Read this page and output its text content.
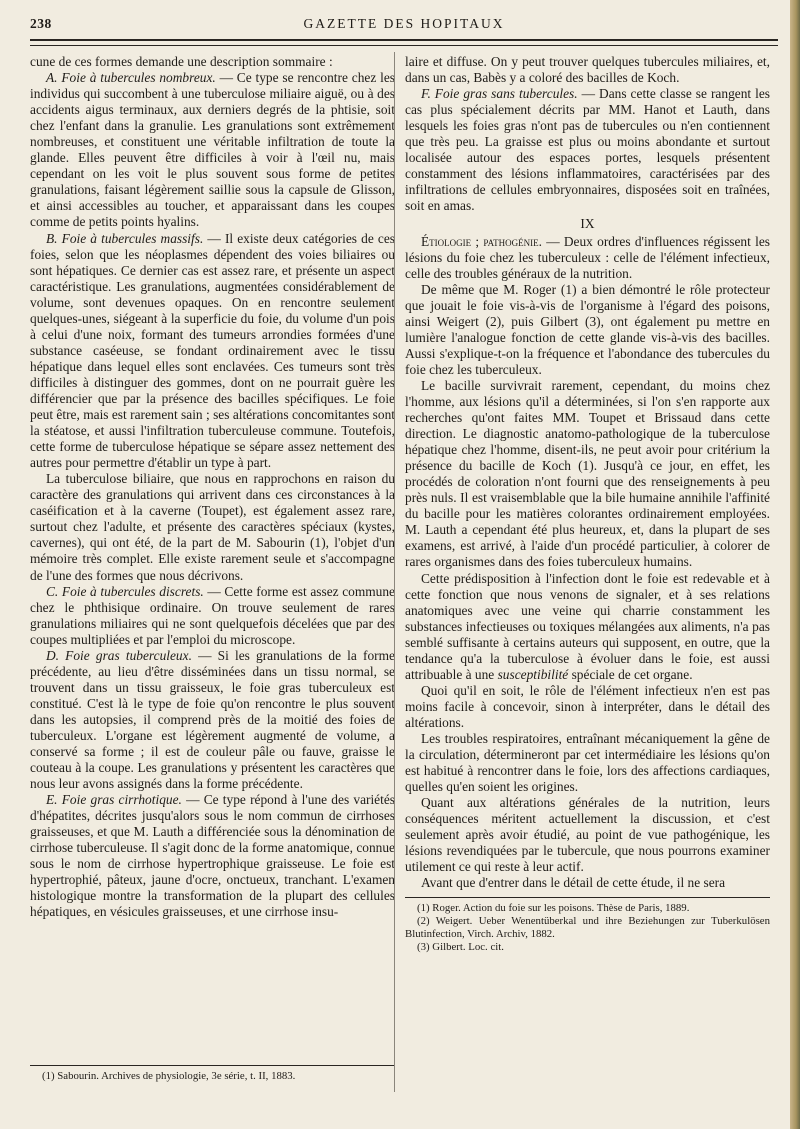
238	GAZETTE DES HOPITAUX

cune de ces formes demande une description sommaire :

A. Foie à tubercules nombreux. — Ce type se rencontre chez les individus qui succombent à une tuberculose miliaire aiguë, ou à des accidents aigus terminaux, aux derniers degrés de la phtisie, soit chez l'enfant dans la granulie. Les granulations sont extrêmement nombreuses, et constituent une véritable infiltration de toute la glande. Elles peuvent être difficiles à voir à l'œil nu, mais cependant on les voit le plus souvent sous forme de petites granulations, faisant légèrement saillie sous la capsule de Glisson, et ainsi accessibles au toucher, et apparaissant dans les coupes comme de petits points hyalins.

B. Foie à tubercules massifs. — Il existe deux catégories de ces foies, selon que les néoplasmes dépendent des voies biliaires ou sont hépatiques. Ce dernier cas est assez rare, et présente un aspect caractéristique. Les granulations, augmentées considérablement de volume, sont devenues opaques. On en rencontre seulement quelques-unes, siégeant à la superficie du foie, du volume d'un pois à celui d'une noix, formant des tumeurs arrondies formées d'une substance caséeuse, se fondant ordinairement avec le tissu hépatique dans lequel elles sont enclavées. Ces tumeurs sont très difficiles à distinguer des gommes, dont on ne pourrait guère les différencier que par la présence des bacilles spécifiques. Le foie peut être, mais est rarement sain ; ses altérations concomitantes sont la stéatose, et aussi l'infiltration tuberculeuse commune. Toutefois, cette forme de tuberculose hépatique se sépare assez nettement des autres pour permettre d'établir un type à part.

La tuberculose biliaire, que nous en rapprochons en raison du caractère des granulations qui arrivent dans ces circonstances à la caséification et à la caverne (Toupet), est également assez rare, surtout chez l'adulte, et présente des caractères spéciaux (kystes, cavernes), qui ont été, de la part de M. Sabourin (1), l'objet d'un mémoire très complet. Elle existe rarement seule et s'accompagne de l'une des formes que nous décrivons.

C. Foie à tubercules discrets. — Cette forme est assez commune chez le phthisique ordinaire. On trouve seulement de rares granulations miliaires qui ne sont quelquefois décelées que par des coupes multipliées et par l'emploi du microscope.

D. Foie gras tuberculeux. — Si les granulations de la forme précédente, au lieu d'être disséminées dans un tissu normal, se trouvent dans un tissu graisseux, le foie gras tuberculeux est constitué. C'est là le type de foie qu'on rencontre le plus souvent dans les autopsies, il comprend près de la moitié des foies de tuberculeux. L'organe est légèrement augmenté de volume, a conservé sa forme ; il est de couleur pâle ou fauve, graisse le couteau à la coupe. Les granulations y présentent les caractères que nous leur avons assignés dans la forme précédente.

E. Foie gras cirrhotique. — Ce type répond à l'une des variétés d'hépatites, décrites jusqu'alors sous le nom commun de cirrhoses graisseuses, et que M. Lauth a différenciée sous la dénomination de cirrhose tuberculeuse. Il s'agit donc de la forme anatomique, connue sous le nom de cirrhose hypertrophique graisseuse. Le foie est hypertrophié, pâteux, jaune d'ocre, onctueux, tranchant. L'examen histologique montre la transformation de la plupart des cellules hépatiques, en vésicules graisseuses, et une cirrhose insu-

(1) Sabourin. Archives de physiologie, 3e série, t. II, 1883.

laire et diffuse. On y peut trouver quelques tubercules miliaires, et, dans un cas, Babès y a coloré des bacilles de Koch.

F. Foie gras sans tubercules. — Dans cette classe se rangent les cas plus spécialement décrits par MM. Hanot et Lauth, dans lesquels les foies gras n'ont pas de tubercules ou n'en contiennent que très peu. La graisse est plus ou moins abondante et surtout localisée autour des espaces portes, lesquels présentent constamment des lésions inflammatoires, caractérisées par des infiltrations de cellules embryonnaires, disposées soit en traînées, soit en amas.

IX

Étiologie ; pathogénie. — Deux ordres d'influences régissent les lésions du foie chez les tuberculeux : celle de l'élément infectieux, celle des troubles généraux de la nutrition.

De même que M. Roger (1) a bien démontré le rôle protecteur que jouait le foie vis-à-vis de l'organisme à l'égard des poisons, ainsi Weigert (2), puis Gilbert (3), ont également pu mettre en lumière l'analogue fonction de cette glande vis-à-vis des bacilles. Aussi s'explique-t-on la fréquence et l'abondance des tubercules du foie chez les tuberculeux.

Le bacille survivrait rarement, cependant, du moins chez l'homme, aux lésions qu'il a déterminées, si l'on s'en rapporte aux recherches qu'ont faites MM. Toupet et Brissaud dans cette direction. Le diagnostic anatomo-pathologique de la tuberculose hépatique chez l'homme, disent-ils, ne peut avoir pour critérium la présence du bacille de Koch (1). Jusqu'à ce jour, en effet, les procédés de coloration n'ont fourni que des renseignements à peu près nuls. Il est vraisemblable que la bile humaine annihile l'affinité du bacille pour les matières colorantes ordinairement employées. M. Lauth a cependant été plus heureux, et, dans la plupart de ses examens, est arrivé, à l'aide d'un procédé particulier, à colorer de rares organismes dans des foies tuberculeux humains.

Cette prédisposition à l'infection dont le foie est redevable et à cette fonction que nous venons de signaler, et à ses relations anatomiques avec une veine qui charrie constamment les substances infectieuses ou toxiques mélangées aux aliments, n'a pas semblé suffisante à certains auteurs qui supposent, en outre, que la tendance qu'a la tuberculose à évoluer dans le foie, est aussi attribuable à une susceptibilité spéciale de cet organe.

Quoi qu'il en soit, le rôle de l'élément infectieux n'en est pas moins facile à concevoir, sinon à interpréter, dans le détail des altérations.

Les troubles respiratoires, entraînant mécaniquement la gêne de la circulation, détermineront par cet intermédiaire les lésions qu'on est habitué à rencontrer dans le foie, lors des affections cardiaques, quelles qu'en soient les origines.

Quant aux altérations générales de la nutrition, leurs conséquences méritent actuellement la discussion, et c'est seulement après avoir étudié, au point de vue pathogénique, les lésions revendiquées par le tubercule, que nous pourrons examiner utilement ce qui reste à leur actif.

Avant que d'entrer dans le détail de cette étude, il ne sera

(1) Roger. Action du foie sur les poisons. Thèse de Paris, 1889.
(2) Weigert. Ueber Wenentüberkal und ihre Beziehungen zur Tuberkulösen Blutinfection, Virch. Archiv, 1882.
(3) Gilbert. Loc. cit.
